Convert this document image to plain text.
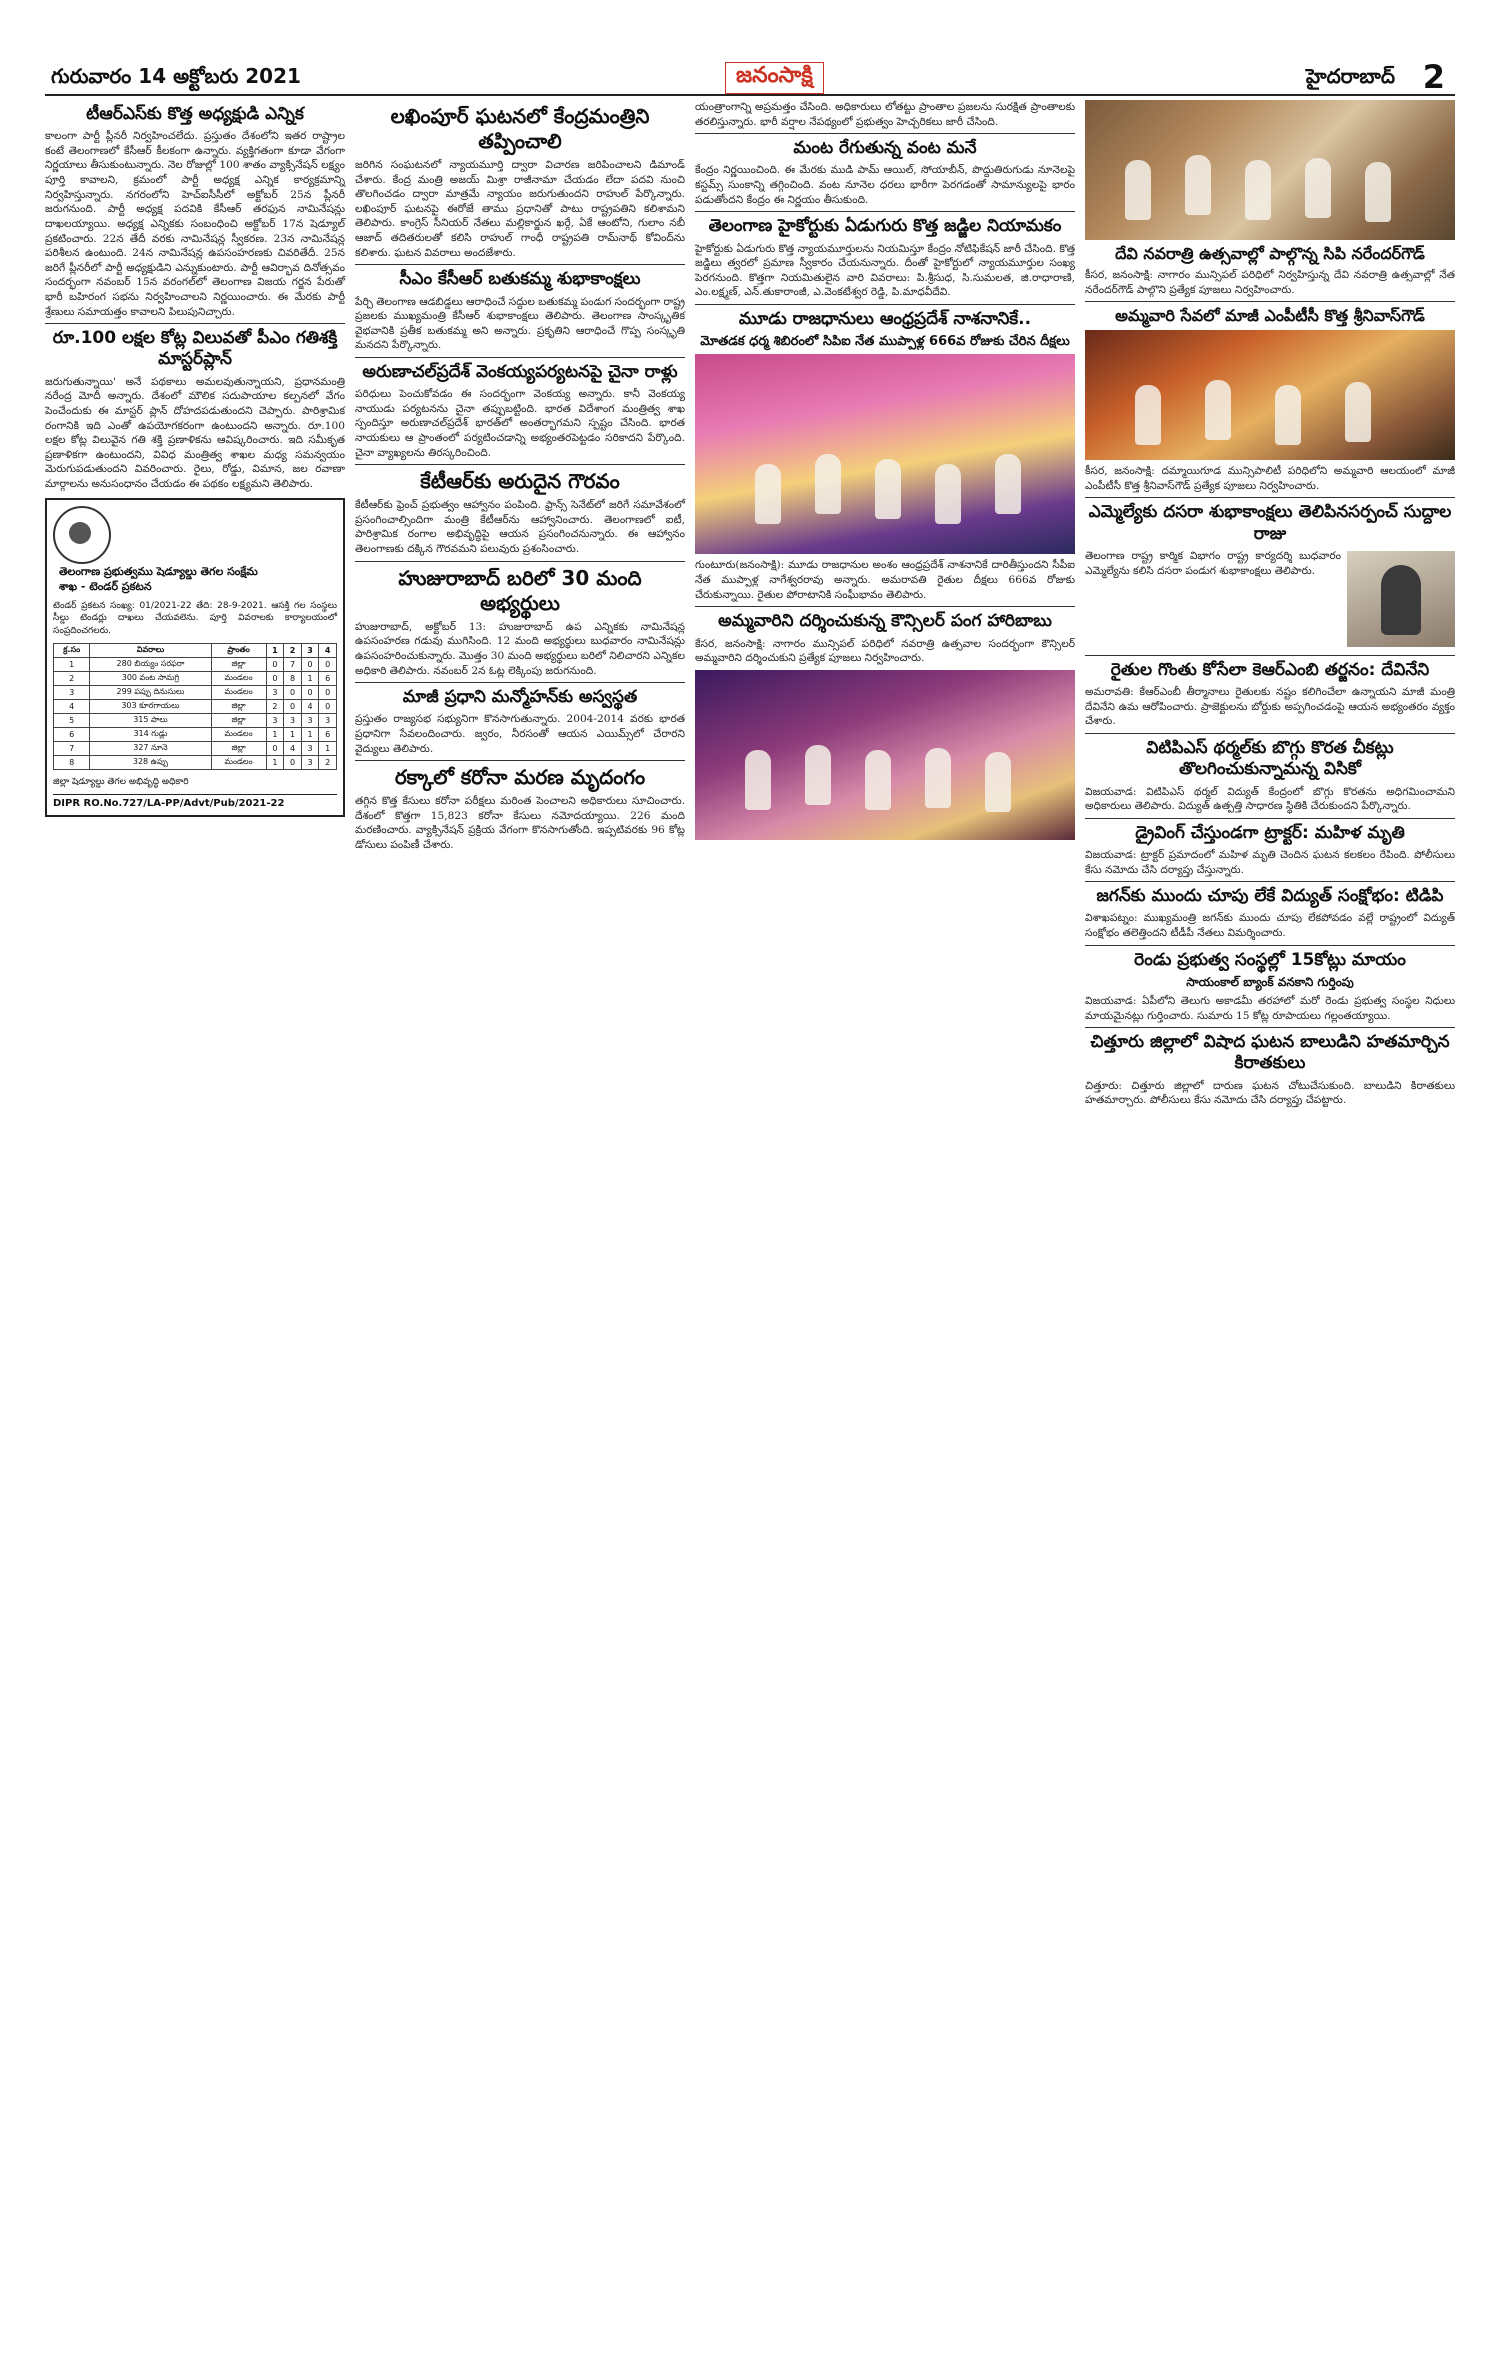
గురువారం 14 అక్టోబరు 2021	జనంసాక్షి	హైదరాబాద్ 2
టీఆర్ఎస్‌కు కొత్త అధ్యక్షుడి ఎన్నిక

కాలంగా పార్టీ ప్లీనరీ నిర్వహించలేదు. ప్రస్తుతం దేశంలోని ఇతర రాష్ట్రాల కంటే తెలంగాణలో కేసీఆర్ కీలకంగా ఉన్నారు. వ్యక్తిగతంగా కూడా వేగంగా నిర్ణయాలు తీసుకుంటున్నారు. నెల రోజుల్లో 100 శాతం వ్యాక్సినేషన్ లక్ష్యం పూర్తి కావాలని, క్రమంలో పార్టీ అధ్యక్ష ఎన్నిక కార్యక్రమాన్ని నిర్వహిస్తున్నారు. నగరంలోని హెచ్ఐసీసీలో అక్టోబర్ 25న ప్లీనరీ జరుగనుంది. పార్టీ అధ్యక్ష పదవికి కేసీఆర్ తరఫున నామినేషన్లు దాఖలయ్యాయి. అధ్యక్ష ఎన్నికకు సంబంధించి అక్టోబర్ 17న షెడ్యూల్ ప్రకటించారు. 22న తేదీ వరకు నామినేషన్ల స్వీకరణ. 23న నామినేషన్ల పరిశీలన ఉంటుంది. 24న నామినేషన్ల ఉపసంహరణకు చివరితేదీ. 25న జరిగే ప్లీనరీలో పార్టీ అధ్యక్షుడిని ఎన్నుకుంటారు. పార్టీ ఆవిర్భావ దినోత్సవం సందర్భంగా నవంబర్ 15న వరంగల్‌లో తెలంగాణ విజయ గర్జన పేరుతో భారీ బహిరంగ సభను నిర్వహించాలని నిర్ణయించారు. ఈ మేరకు పార్టీ శ్రేణులు సమాయత్తం కావాలని పిలుపునిచ్చారు.

రూ.100 లక్షల కోట్ల విలువతో పీఎం గతిశక్తి మాస్టర్‌ప్లాన్

జరుగుతున్నాయి' అనే పథకాలు అమలవుతున్నాయని, ప్రధానమంత్రి నరేంద్ర మోదీ అన్నారు. దేశంలో మౌలిక సదుపాయాల కల్పనలో వేగం పెంచేందుకు ఈ మాస్టర్ ప్లాన్ దోహదపడుతుందని చెప్పారు. పారిశ్రామిక రంగానికి ఇది ఎంతో ఉపయోగకరంగా ఉంటుందని అన్నారు. రూ.100 లక్షల కోట్ల విలువైన గతి శక్తి ప్రణాళికను ఆవిష్కరించారు. ఇది సమీకృత ప్రణాళికగా ఉంటుందని, వివిధ మంత్రిత్వ శాఖల మధ్య సమన్వయం మెరుగుపడుతుందని వివరించారు. రైలు, రోడ్డు, విమాన, జల రవాణా మార్గాలను అనుసంధానం చేయడం ఈ పథకం లక్ష్యమని తెలిపారు.

తెలంగాణ ప్రభుత్వము షెడ్యూల్డు తెగల సంక్షేమ శాఖ - టెండర్ ప్రకటన
టెండర్ ప్రకటన సంఖ్య: 01/2021-22 తేది: 28-9-2021. ఆసక్తి గల సంస్థలు సీల్డు టెండర్లు దాఖలు చేయవలెను. పూర్తి వివరాలకు కార్యాలయంలో సంప్రదించగలరు.
క్ర.సం	వివరాలు	ప్రాంతం	1	2	3	4
1	280 బియ్యం సరఫరా	జిల్లా	0	7	0	0
2	300 వంట సామగ్రి	మండలం	0	8	1	6
3	299 పప్పు దినుసులు	మండలం	3	0	0	0
4	303 కూరగాయలు	జిల్లా	2	0	4	0
5	315 పాలు	జిల్లా	3	3	3	3
6	314 గుడ్లు	మండలం	1	1	1	6
7	327 నూనె	జిల్లా	0	4	3	1
8	328 ఉప్పు	మండలం	1	0	3	2
జిల్లా షెడ్యూల్డు తెగల అభివృద్ధి అధికారి
DIPR RO.No.727/LA-PP/Advt/Pub/2021-22
లఖింపూర్ ఘటనలో కేంద్రమంత్రిని తప్పించాలి

జరిగిన సంఘటనలో న్యాయమూర్తి ద్వారా విచారణ జరిపించాలని డిమాండ్ చేశారు. కేంద్ర మంత్రి అజయ్ మిశ్రా రాజీనామా చేయడం లేదా పదవి నుంచి తొలగించడం ద్వారా మాత్రమే న్యాయం జరుగుతుందని రాహుల్ పేర్కొన్నారు. లఖింపూర్ ఘటనపై ఈరోజే తాము ప్రధానితో పాటు రాష్ట్రపతిని కలిశామని తెలిపారు. కాంగ్రెస్ సీనియర్ నేతలు మల్లికార్జున ఖర్గే, ఏకే ఆంటోని, గులాం నబీ ఆజాద్ తదితరులతో కలిసి రాహుల్ గాంధీ రాష్ట్రపతి రామ్‌నాథ్ కోవింద్‌ను కలిశారు. ఘటన వివరాలు అందజేశారు.

సీఎం కేసీఆర్ బతుకమ్మ శుభాకాంక్షలు

పేర్చి తెలంగాణ ఆడబిడ్డలు ఆరాధించే సద్దుల బతుకమ్మ పండుగ సందర్భంగా రాష్ట్ర ప్రజలకు ముఖ్యమంత్రి కేసీఆర్ శుభాకాంక్షలు తెలిపారు. తెలంగాణ సాంస్కృతిక వైభవానికి ప్రతీక బతుకమ్మ అని అన్నారు. ప్రకృతిని ఆరాధించే గొప్ప సంస్కృతి మనదని పేర్కొన్నారు.

అరుణాచల్‌ప్రదేశ్ వెంకయ్యపర్యటనపై చైనా రాళ్లు

పరిధులు పెంచుకోవడం ఈ సందర్భంగా వెంకయ్య అన్నారు. కానీ వెంకయ్య నాయుడు పర్యటనను చైనా తప్పుబట్టింది. భారత విదేశాంగ మంత్రిత్వ శాఖ స్పందిస్తూ అరుణాచల్‌ప్రదేశ్ భారత్‌లో అంతర్భాగమని స్పష్టం చేసింది. భారత నాయకులు ఆ ప్రాంతంలో పర్యటించడాన్ని అభ్యంతరపెట్టడం సరికాదని పేర్కొంది. చైనా వ్యాఖ్యలను తిరస్కరించింది.

కేటీఆర్‌కు అరుదైన గౌరవం

కేటీఆర్‌కు ఫ్రెంచ్ ప్రభుత్వం ఆహ్వానం పంపింది. ఫ్రాన్స్ సెనేట్‌లో జరిగే సమావేశంలో ప్రసంగించాల్సిందిగా మంత్రి కేటీఆర్‌ను ఆహ్వానించారు. తెలంగాణలో ఐటీ, పారిశ్రామిక రంగాల అభివృద్ధిపై ఆయన ప్రసంగించనున్నారు. ఈ ఆహ్వానం తెలంగాణకు దక్కిన గౌరవమని పలువురు ప్రశంసించారు.

హుజురాబాద్ బరిలో 30 మంది అభ్యర్థులు

హుజురాబాద్, అక్టోబర్ 13: హుజురాబాద్ ఉప ఎన్నికకు నామినేషన్ల ఉపసంహరణ గడువు ముగిసింది. 12 మంది అభ్యర్థులు బుధవారం నామినేషన్లు ఉపసంహరించుకున్నారు. మొత్తం 30 మంది అభ్యర్థులు బరిలో నిలిచారని ఎన్నికల అధికారి తెలిపారు. నవంబర్ 2న ఓట్ల లెక్కింపు జరుగనుంది.

మాజీ ప్రధాని మన్మోహన్‌కు అస్వస్థత

ప్రస్తుతం రాజ్యసభ సభ్యునిగా కొనసాగుతున్నారు. 2004-2014 వరకు భారత ప్రధానిగా సేవలందించారు. జ్వరం, నీరసంతో ఆయన ఎయిమ్స్‌లో చేరారని వైద్యులు తెలిపారు.

రక్కాలో కరోనా మరణ మృదంగం

తగ్గిన కొత్త కేసులు కరోనా పరీక్షలు మరింత పెంచాలని అధికారులు సూచించారు. దేశంలో కొత్తగా 15,823 కరోనా కేసులు నమోదయ్యాయి. 226 మంది మరణించారు. వ్యాక్సినేషన్ ప్రక్రియ వేగంగా కొనసాగుతోంది. ఇప్పటివరకు 96 కోట్ల డోసులు పంపిణీ చేశారు.

యంత్రాంగాన్ని అప్రమత్తం చేసింది. అధికారులు లోతట్టు ప్రాంతాల ప్రజలను సురక్షిత ప్రాంతాలకు తరలిస్తున్నారు. భారీ వర్షాల నేపథ్యంలో ప్రభుత్వం హెచ్చరికలు జారీ చేసింది.

మంట రేగుతున్న వంట మనే

కేంద్రం నిర్ణయించింది. ఈ మేరకు ముడి పామ్ ఆయిల్, సోయాబీన్, పొద్దుతిరుగుడు నూనెలపై కస్టమ్స్ సుంకాన్ని తగ్గించింది. వంట నూనెల ధరలు భారీగా పెరగడంతో సామాన్యులపై భారం పడుతోందని కేంద్రం ఈ నిర్ణయం తీసుకుంది.

తెలంగాణ హైకోర్టుకు ఏడుగురు కొత్త జడ్జిల నియామకం

హైకోర్టుకు ఏడుగురు కొత్త న్యాయమూర్తులను నియమిస్తూ కేంద్రం నోటిఫికేషన్ జారీ చేసింది. కొత్త జడ్జిలు త్వరలో ప్రమాణ స్వీకారం చేయనున్నారు. దీంతో హైకోర్టులో న్యాయమూర్తుల సంఖ్య పెరగనుంది. కొత్తగా నియమితులైన వారి వివరాలు: పి.శ్రీసుధ, సి.సుమలత, జి.రాధారాణి, ఎం.లక్ష్మణ్, ఎన్.తుకారాంజీ, ఎ.వెంకటేశ్వర రెడ్డి, పి.మాధవీదేవి.

మూడు రాజధానులు ఆంధ్రప్రదేశ్ నాశనానికే..
మోతడక ధర్మ శిబిరంలో సిపిఐ నేత ముప్పాళ్ల 666వ రోజుకు చేరిన దీక్షలు

గుంటూరు(జనంసాక్షి): మూడు రాజధానుల అంశం ఆంధ్రప్రదేశ్ నాశనానికే దారితీస్తుందని సీపీఐ నేత ముప్పాళ్ల నాగేశ్వరరావు అన్నారు. అమరావతి రైతుల దీక్షలు 666వ రోజుకు చేరుకున్నాయి. రైతుల పోరాటానికి సంఘీభావం తెలిపారు.

అమ్మవారిని దర్శించుకున్న కౌన్సిలర్ పంగ హారిబాబు

కేసర, జనంసాక్షి: నాగారం మున్సిపల్ పరిధిలో నవరాత్రి ఉత్సవాల సందర్భంగా కౌన్సిలర్ అమ్మవారిని దర్శించుకుని ప్రత్యేక పూజలు నిర్వహించారు.

దేవి నవరాత్రి ఉత్సవాల్లో పాల్గొన్న సిపి నరేందర్‌గౌడ్

కీసర, జనంసాక్షి: నాగారం మున్సిపల్ పరిధిలో నిర్వహిస్తున్న దేవి నవరాత్రి ఉత్సవాల్లో నేత నరేందర్‌గౌడ్ పాల్గొని ప్రత్యేక పూజలు నిర్వహించారు.

అమ్మవారి సేవలో మాజీ ఎంపీటీసీ కొత్త శ్రీనివాస్‌గౌడ్

కీసర, జనంసాక్షి: దమ్మాయిగూడ మున్సిపాలిటీ పరిధిలోని అమ్మవారి ఆలయంలో మాజీ ఎంపీటీసీ కొత్త శ్రీనివాస్‌గౌడ్ ప్రత్యేక పూజలు నిర్వహించారు.

ఎమ్మెల్యేకు దసరా శుభాకాంక్షలు తెలిపినసర్పంచ్ సుద్దాల రాజు

తెలంగాణ రాష్ట్ర కార్మిక విభాగం రాష్ట్ర కార్యదర్శి బుధవారం ఎమ్మెల్యేను కలిసి దసరా పండుగ శుభాకాంక్షలు తెలిపారు.

రైతుల గొంతు కోసేలా కెఆర్ఎంబి తర్జనం: దేవినేని

అమరావతి: కేఆర్ఎంబీ తీర్మానాలు రైతులకు నష్టం కలిగించేలా ఉన్నాయని మాజీ మంత్రి దేవినేని ఉమ ఆరోపించారు. ప్రాజెక్టులను బోర్డుకు అప్పగించడంపై ఆయన అభ్యంతరం వ్యక్తం చేశారు.

విటిపిఎస్ థర్మల్‌కు బొగ్గు కొరత చీకట్లు తొలగించుకున్నామన్న విసికో

విజయవాడ: విటిపిఎస్ థర్మల్ విద్యుత్ కేంద్రంలో బొగ్గు కొరతను అధిగమించామని అధికారులు తెలిపారు. విద్యుత్ ఉత్పత్తి సాధారణ స్థితికి చేరుకుందని పేర్కొన్నారు.

డ్రైవింగ్ చేస్తుండగా ట్రాక్టర్: మహిళ మృతి

విజయవాడ: ట్రాక్టర్ ప్రమాదంలో మహిళ మృతి చెందిన ఘటన కలకలం రేపింది. పోలీసులు కేసు నమోదు చేసి దర్యాప్తు చేస్తున్నారు.

జగన్‌కు ముందు చూపు లేకే విద్యుత్ సంక్షోభం: టిడిపి

విశాఖపట్నం: ముఖ్యమంత్రి జగన్‌కు ముందు చూపు లేకపోవడం వల్లే రాష్ట్రంలో విద్యుత్ సంక్షోభం తలెత్తిందని టీడీపీ నేతలు విమర్శించారు.

రెండు ప్రభుత్వ సంస్థల్లో 15కోట్లు మాయం
సాయంకాల్ బ్యాంక్ వనకాని గుర్తింపు

విజయవాడ: ఏపీలోని తెలుగు అకాడమీ తరహాలో మరో రెండు ప్రభుత్వ సంస్థల నిధులు మాయమైనట్లు గుర్తించారు. సుమారు 15 కోట్ల రూపాయలు గల్లంతయ్యాయి.

చిత్తూరు జిల్లాలో విషాద ఘటన బాలుడిని హతమార్చిన కిరాతకులు

చిత్తూరు: చిత్తూరు జిల్లాలో దారుణ ఘటన చోటుచేసుకుంది. బాలుడిని కిరాతకులు హతమార్చారు. పోలీసులు కేసు నమోదు చేసి దర్యాప్తు చేపట్టారు.
